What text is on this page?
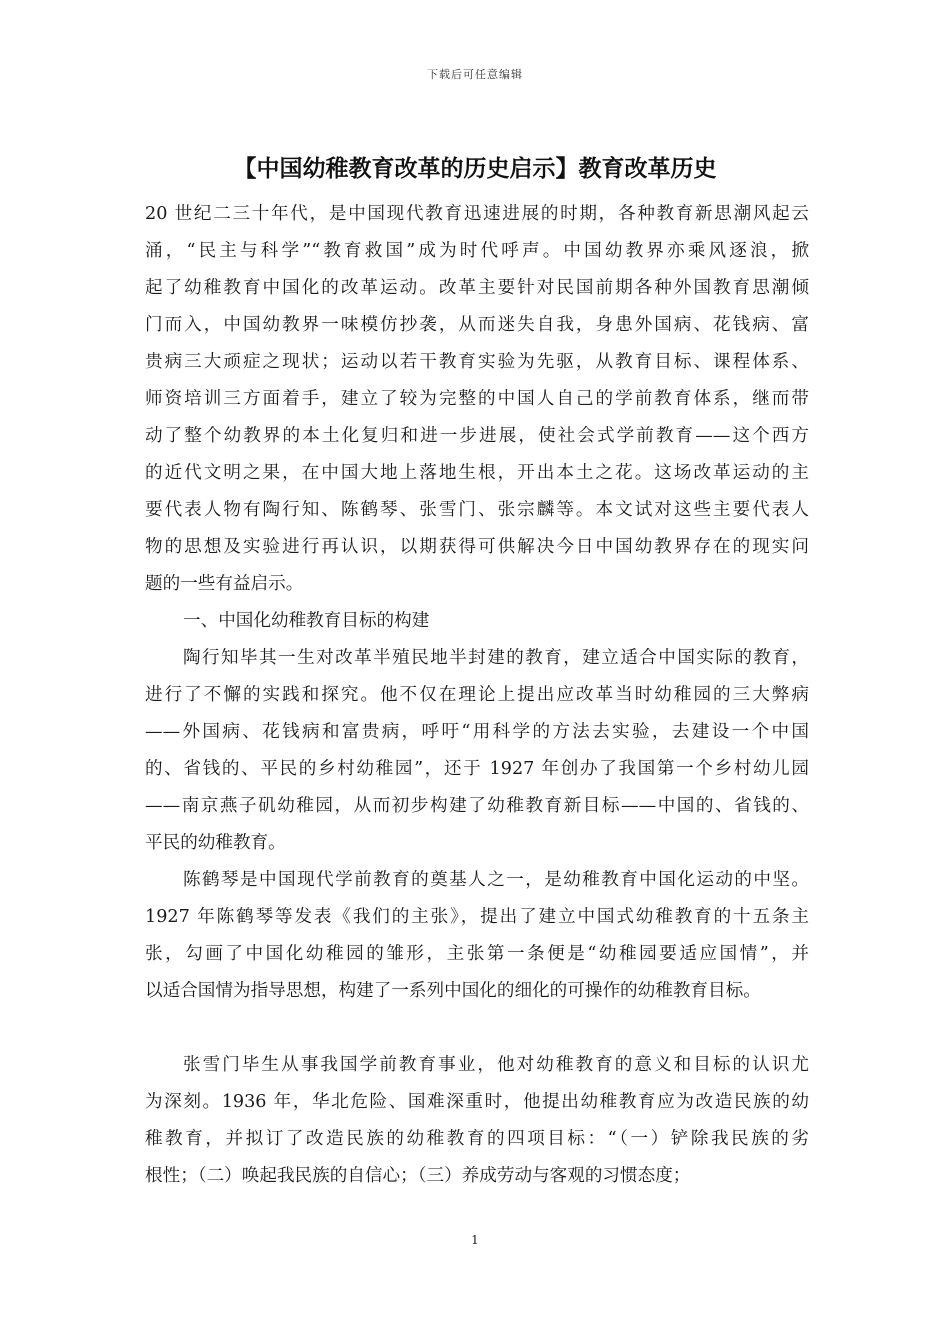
下载后可任意编辑
【中国幼稚教育改革的历史启示】教育改革历史
20 世纪二三十年代，是中国现代教育迅速进展的时期，各种教育新思潮风起云
涌，“民主与科学”“教育救国”成为时代呼声。中国幼教界亦乘风逐浪，掀
起了幼稚教育中国化的改革运动。改革主要针对民国前期各种外国教育思潮倾
门而入，中国幼教界一味模仿抄袭，从而迷失自我，身患外国病、花钱病、富
贵病三大顽症之现状；运动以若干教育实验为先驱，从教育目标、课程体系、
师资培训三方面着手，建立了较为完整的中国人自己的学前教育体系，继而带
动了整个幼教界的本土化复归和进一步进展，使社会式学前教育——这个西方
的近代文明之果，在中国大地上落地生根，开出本土之花。这场改革运动的主
要代表人物有陶行知、陈鹤琴、张雪门、张宗麟等。本文试对这些主要代表人
物的思想及实验进行再认识，以期获得可供解决今日中国幼教界存在的现实问
题的一些有益启示。
一、中国化幼稚教育目标的构建
陶行知毕其一生对改革半殖民地半封建的教育，建立适合中国实际的教育，
进行了不懈的实践和探究。他不仅在理论上提出应改革当时幼稚园的三大弊病
——外国病、花钱病和富贵病，呼吁“用科学的方法去实验，去建设一个中国
的、省钱的、平民的乡村幼稚园”，还于 1927 年创办了我国第一个乡村幼儿园
——南京燕子矶幼稚园，从而初步构建了幼稚教育新目标——中国的、省钱的、
平民的幼稚教育。
陈鹤琴是中国现代学前教育的奠基人之一，是幼稚教育中国化运动的中坚。
1927 年陈鹤琴等发表《我们的主张》，提出了建立中国式幼稚教育的十五条主
张，勾画了中国化幼稚园的雏形，主张第一条便是“幼稚园要适应国情”，并
以适合国情为指导思想，构建了一系列中国化的细化的可操作的幼稚教育目标。
张雪门毕生从事我国学前教育事业，他对幼稚教育的意义和目标的认识尤
为深刻。1936 年，华北危险、国难深重时，他提出幼稚教育应为改造民族的幼
稚教育，并拟订了改造民族的幼稚教育的四项目标：“（一）铲除我民族的劣
根性；（二）唤起我民族的自信心；（三）养成劳动与客观的习惯态度；
1
